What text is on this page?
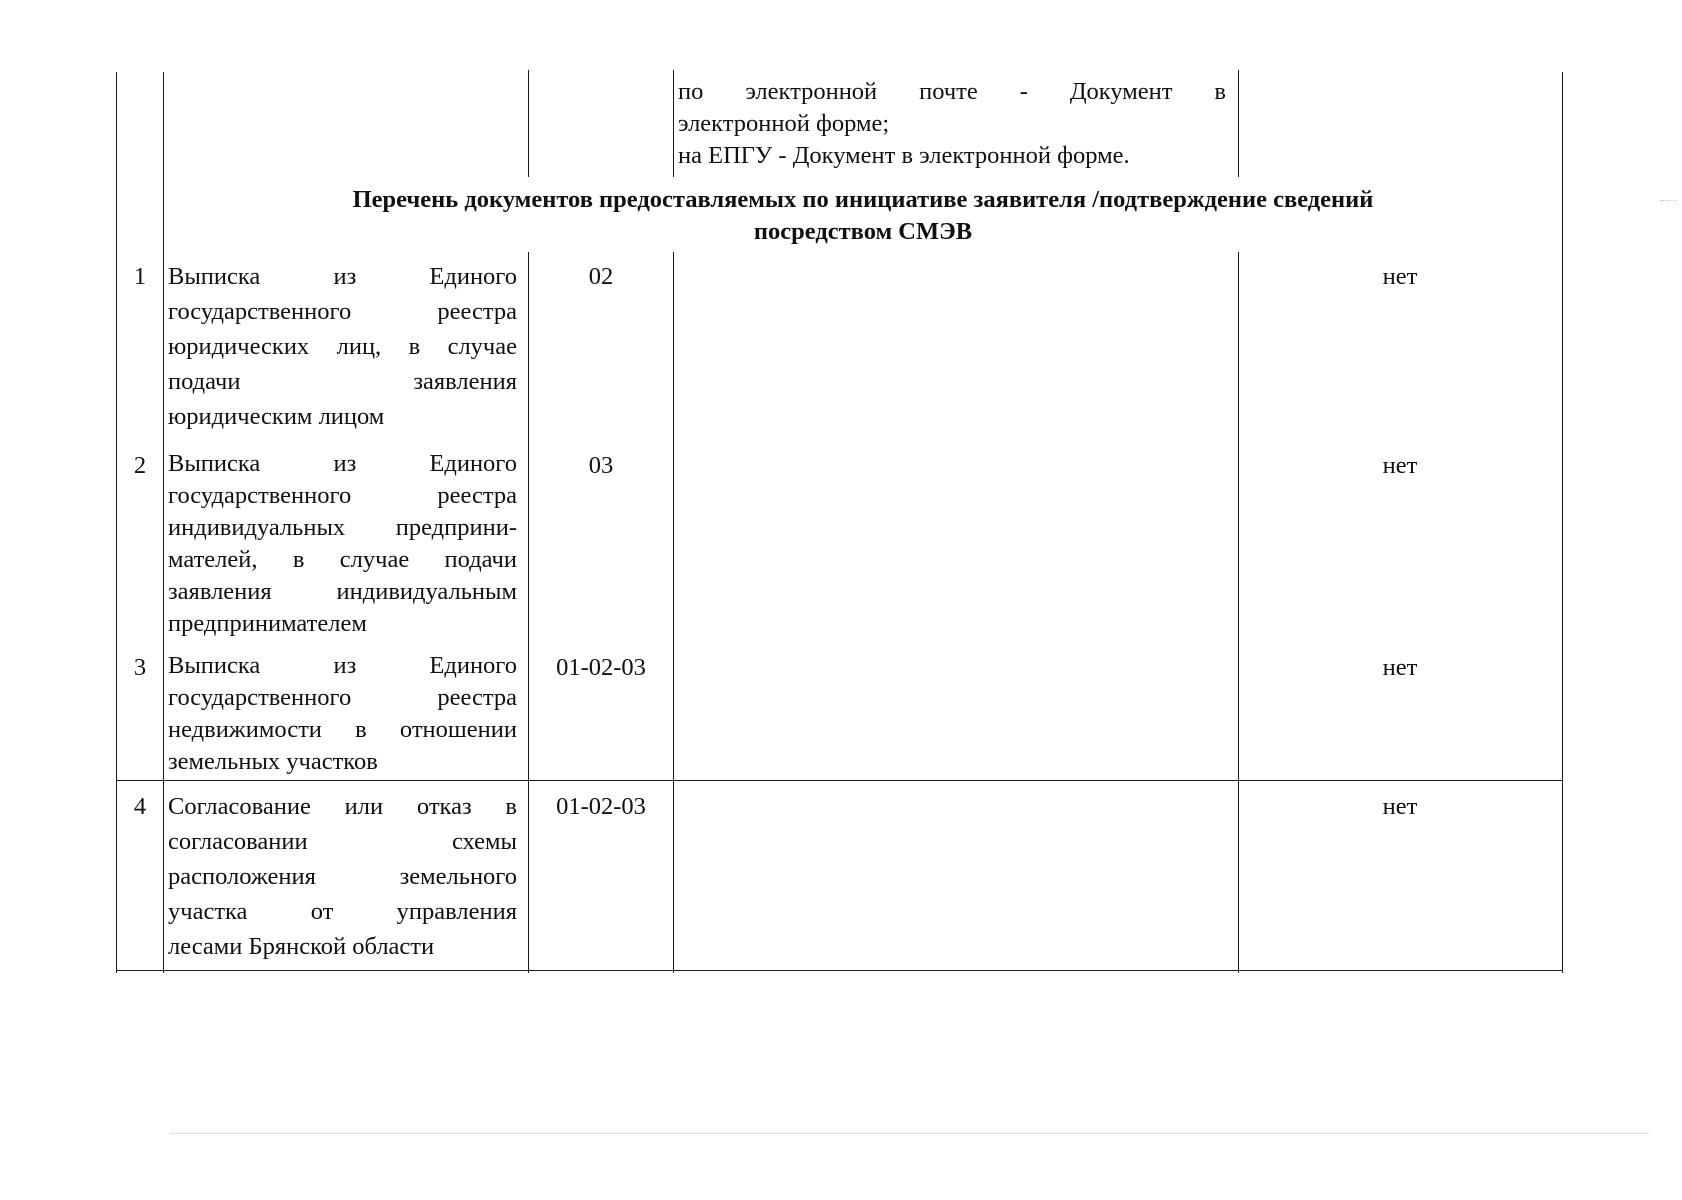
по электронной почте - Документ в
электронной форме;
на ЕПГУ - Документ в электронной форме.
Перечень документов предоставляемых по инициативе заявителя /подтверждение сведений
посредством СМЭВ
1 Выписка из Единого
государственного реестра
юридических лиц, в случае
подачи заявления
юридическим лицом
02	нет
2 Выписка из Единого
государственного реестра
индивидуальных предприни-
мателей, в случае подачи
заявления индивидуальным
предпринимателем
03	нет
3 Выписка из Единого
государственного реестра
недвижимости в отношении
земельных участков
01-02-03	нет
4 Согласование или отказ в
согласовании схемы
расположения земельного
участка от управления
лесами Брянской области
01-02-03	нет
